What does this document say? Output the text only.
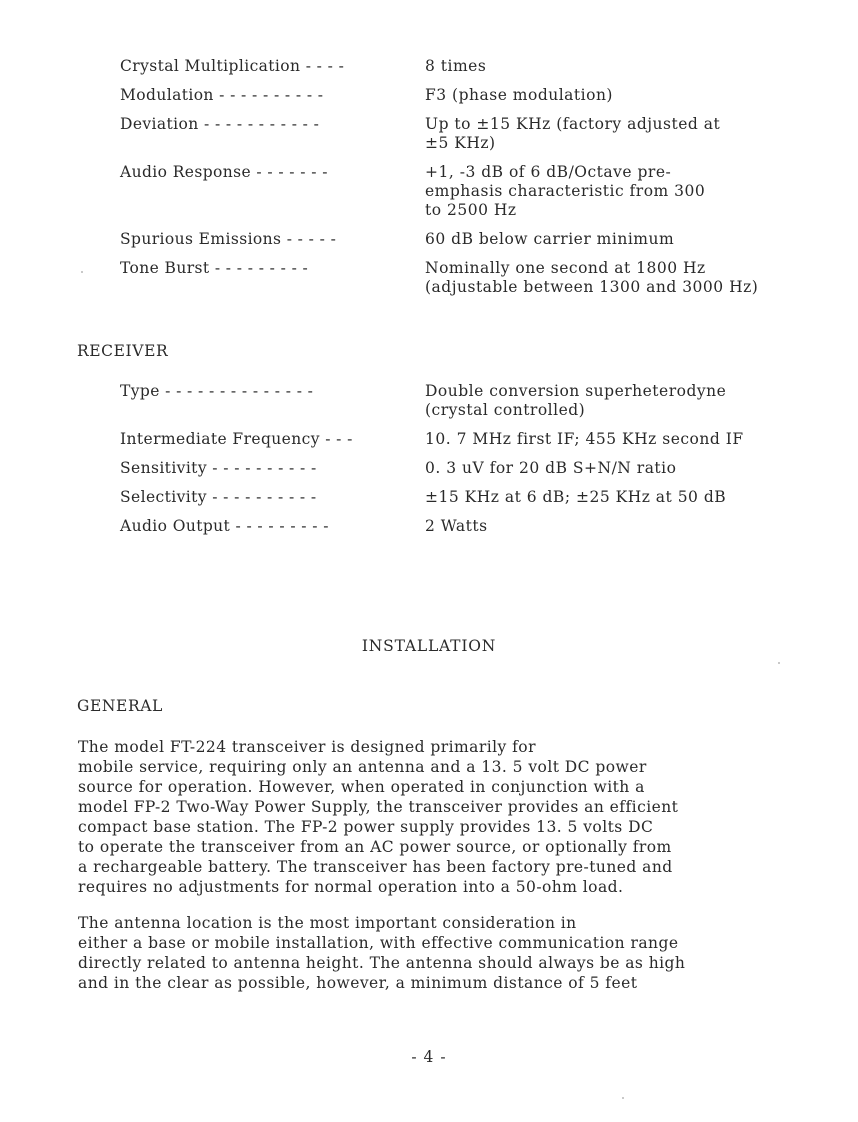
Crystal Multiplication - - - -	8 times
Modulation - - - - - - - - - -	F3 (phase modulation)
Deviation - - - - - - - - - - -	Up to ±15 KHz (factory adjusted at
±5 KHz)
Audio Response - - - - - - -	+1, -3 dB of 6 dB/Octave pre-
emphasis characteristic from 300
to 2500 Hz
Spurious Emissions - - - - -	60 dB below carrier minimum
Tone Burst - - - - - - - - -	Nominally one second at 1800 Hz
(adjustable between 1300 and 3000 Hz)
RECEIVER
Type - - - - - - - - - - - - - -	Double conversion superheterodyne
(crystal controlled)
Intermediate Frequency - - -	10. 7 MHz first IF; 455 KHz second IF
Sensitivity - - - - - - - - - -	0. 3 uV for 20 dB S+N/N ratio
Selectivity - - - - - - - - - -	±15 KHz at 6 dB; ±25 KHz at 50 dB
Audio Output - - - - - - - - -	2 Watts
INSTALLATION
GENERAL
The model FT-224 transceiver is designed primarily for
mobile service, requiring only an antenna and a 13. 5 volt DC power
source for operation. However, when operated in conjunction with a
model FP-2 Two-Way Power Supply, the transceiver provides an efficient
compact base station. The FP-2 power supply provides 13. 5 volts DC
to operate the transceiver from an AC power source, or optionally from
a rechargeable battery. The transceiver has been factory pre-tuned and
requires no adjustments for normal operation into a 50-ohm load.
The antenna location is the most important consideration in
either a base or mobile installation, with effective communication range
directly related to antenna height. The antenna should always be as high
and in the clear as possible, however, a minimum distance of 5 feet
- 4 -
